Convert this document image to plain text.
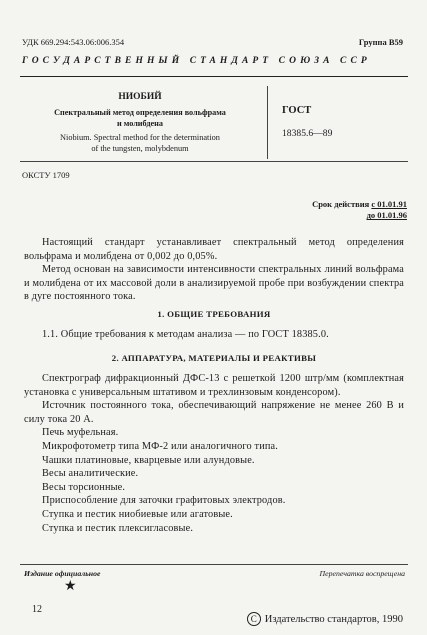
УДК 669.294:543.06:006.354	Группа В59
ГОСУДАРСТВЕННЫЙ СТАНДАРТ СОЮЗА ССР
НИОБИЙ
Спектральный метод определения вольфрама
и молибдена
Niobium. Spectral method for the determination
of the tungsten, molybdenum
ГОСТ
18385.6—89
ОКСТУ 1709
Срок действия с 01.01.91
до 01.01.96

Настоящий стандарт устанавливает спектральный метод определения вольфрама и молибдена от 0,002 до 0,05%.

Метод основан на зависимости интенсивности спектральных линий вольфрама и молибдена от их массовой доли в анализируемой пробе при возбуждении спектра в дуге постоянного тока.

1. ОБЩИЕ ТРЕБОВАНИЯ

1.1. Общие требования к методам анализа — по ГОСТ 18385.0.

2. АППАРАТУРА, МАТЕРИАЛЫ И РЕАКТИВЫ

Спектрограф дифракционный ДФС-13 с решеткой 1200 штр/мм (комплектная установка с универсальным штативом и трехлинзовым конденсором).

Источник постоянного тока, обеспечивающий напряжение не менее 260 В и силу тока 20 А.

Печь муфельная.

Микрофотометр типа МФ-2 или аналогичного типа.

Чашки платиновые, кварцевые или алундовые.

Весы аналитические.

Весы торсионные.

Приспособление для заточки графитовых электродов.

Ступка и пестик ниобиевые или агатовые.

Ступка и пестик плексигласовые.

Издание официальное	Перепечатка воспрещена
★
12
С Издательство стандартов, 1990
